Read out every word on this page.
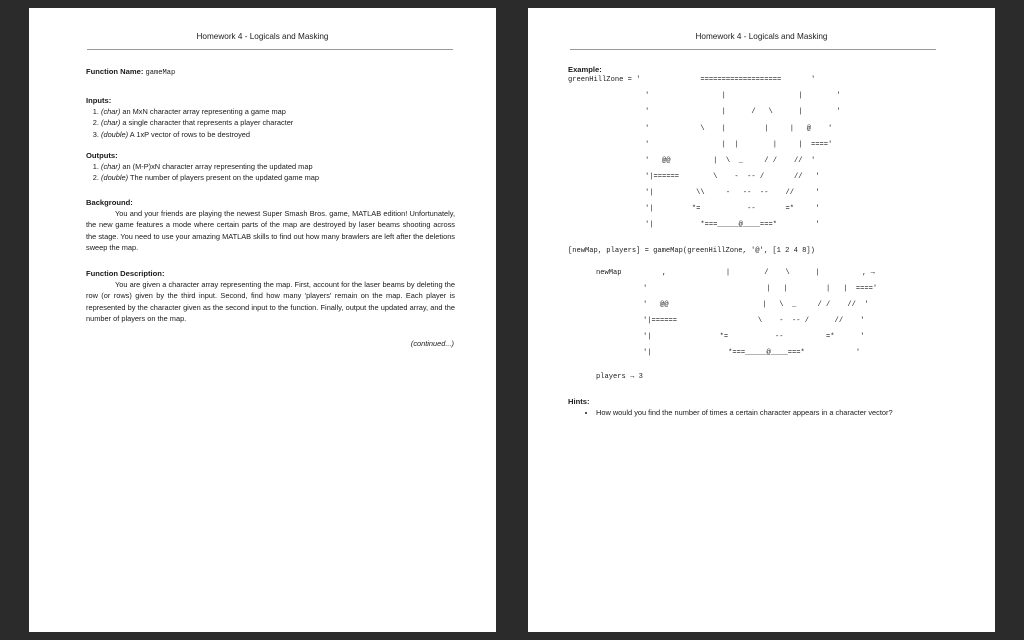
Homework 4 - Logicals and Masking
Function Name: gameMap
Inputs:
1. (char) an MxN character array representing a game map
2. (char) a single character that represents a player character
3. (double) A 1xP vector of rows to be destroyed
Outputs:
1. (char) an (M-P)xN character array representing the updated map
2. (double) The number of players present on the updated game map
Background:

You and your friends are playing the newest Super Smash Bros. game, MATLAB edition! Unfortunately, the new game features a mode where certain parts of the map are destroyed by laser beams shooting across the stage. You need to use your amazing MATLAB skills to find out how many brawlers are left after the deletions sweep the map.

Function Description:

You are given a character array representing the map. First, account for the laser beams by deleting the row (or rows) given by the third input. Second, find how many 'players' remain on the map. Each player is represented by the character given as the second input to the function. Finally, output the updated array, and the number of players on the map.

(continued...)
Homework 4 - Logicals and Masking
Example:
greenHillZone = ' ===================       '
'                 |                 |        '
'                 |      /   \      |        '
'            \    |         |     |   @    '
'                 |  |        |     |  ===='
'   @@          |  \  _     / /    //  '
'|======        \    -  -- /       //   '
'|          \\     -   --  --    //     '
'|         *=           --       =*     '
'|           *===_____@____===*         '
[newMap, players] = gameMap(greenHillZone, '@', [1 2 4 8])
newMap ,              |        /    \      |          , →
'                            |   |         |   |  ===='
'   @@                      |   \  _     / /    //  '
'|======                   \    -  -- /      //    '
'|                *=           --          =*      '
'|                  *===_____@____===*            '
players → 3
Hints:
• How would you find the number of times a certain character appears in a character vector?
